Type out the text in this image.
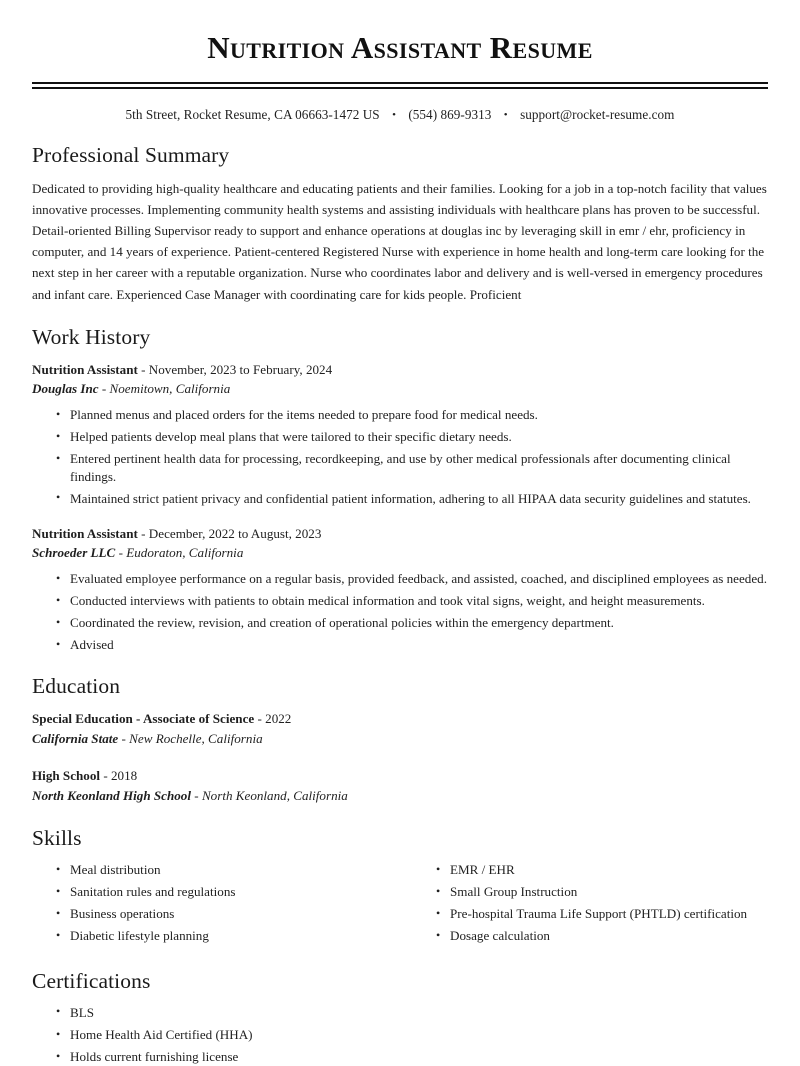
Nutrition Assistant Resume
5th Street, Rocket Resume, CA 06663-1472 US • (554) 869-9313 • support@rocket-resume.com
Professional Summary

Dedicated to providing high-quality healthcare and educating patients and their families. Looking for a job in a top-notch facility that values innovative processes. Implementing community health systems and assisting individuals with healthcare plans has proven to be successful. Detail-oriented Billing Supervisor ready to support and enhance operations at douglas inc by leveraging skill in emr / ehr, proficiency in computer, and 14 years of experience. Patient-centered Registered Nurse with experience in home health and long-term care looking for the next step in her career with a reputable organization. Nurse who coordinates labor and delivery and is well-versed in emergency procedures and infant care. Experienced Case Manager with coordinating care for kids people. Proficient

Work History
Nutrition Assistant - November, 2023 to February, 2024
Douglas Inc - Noemitown, California
• Planned menus and placed orders for the items needed to prepare food for medical needs.
• Helped patients develop meal plans that were tailored to their specific dietary needs.
• Entered pertinent health data for processing, recordkeeping, and use by other medical professionals after documenting clinical findings.
• Maintained strict patient privacy and confidential patient information, adhering to all HIPAA data security guidelines and statutes.
Nutrition Assistant - December, 2022 to August, 2023
Schroeder LLC - Eudoraton, California
• Evaluated employee performance on a regular basis, provided feedback, and assisted, coached, and disciplined employees as needed.
• Conducted interviews with patients to obtain medical information and took vital signs, weight, and height measurements.
• Coordinated the review, revision, and creation of operational policies within the emergency department.
• Advised
Education
Special Education - Associate of Science - 2022
California State - New Rochelle, California
High School - 2018
North Keonland High School - North Keonland, California
Skills
• Meal distribution
• Sanitation rules and regulations
• Business operations
• Diabetic lifestyle planning
• EMR / EHR
• Small Group Instruction
• Pre-hospital Trauma Life Support (PHTLD) certification
• Dosage calculation
Certifications
• BLS
• Home Health Aid Certified (HHA)
• Holds current furnishing license
